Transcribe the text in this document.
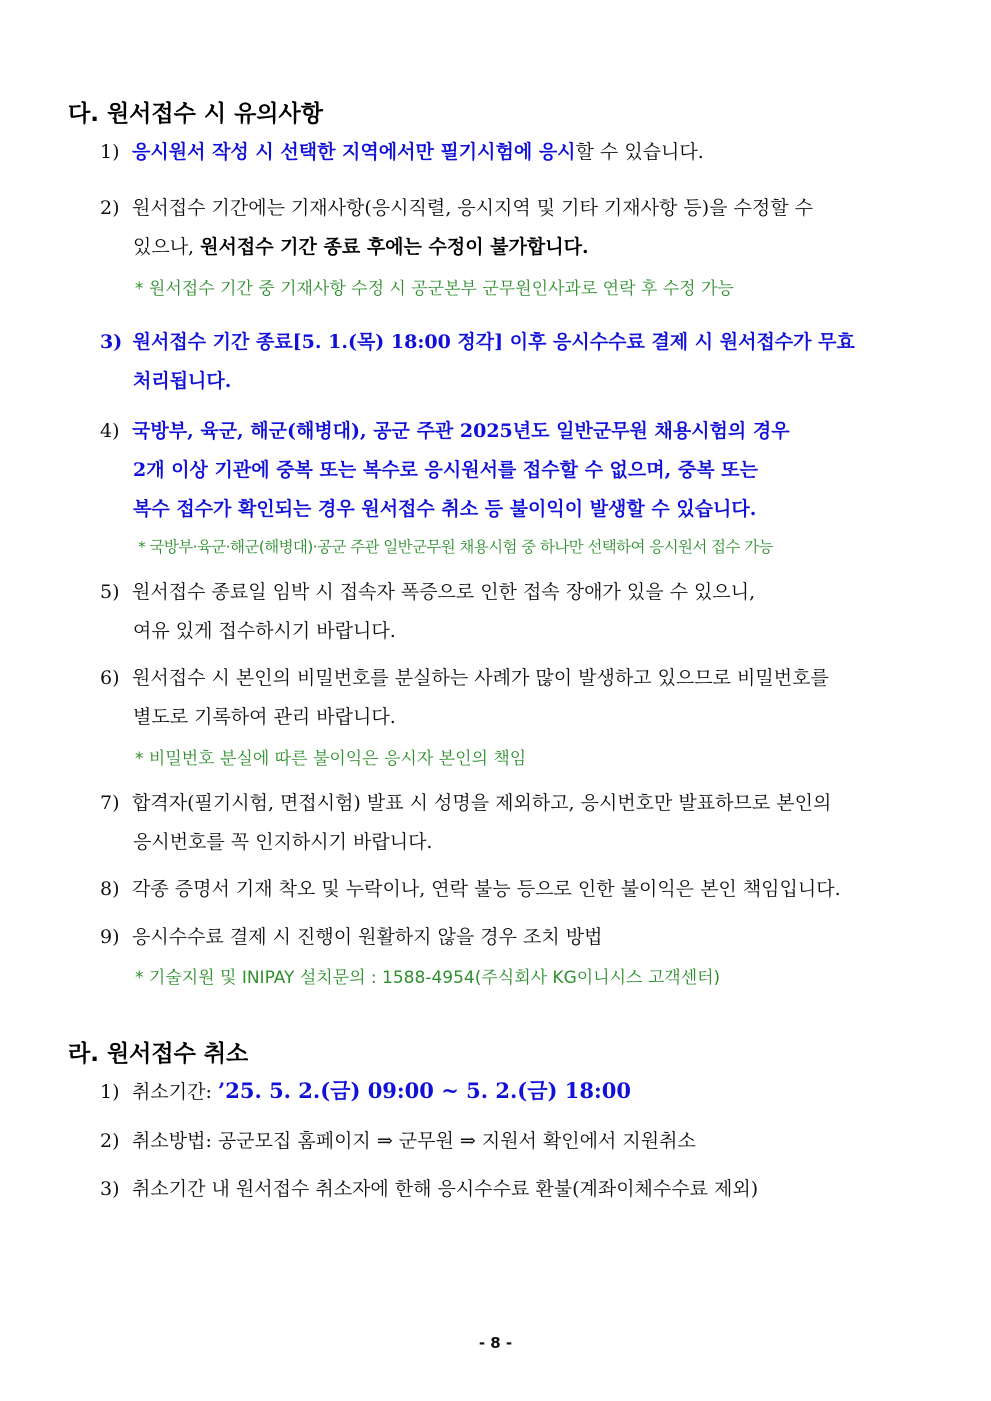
다. 원서접수 시 유의사항
1) 응시원서 작성 시 선택한 지역에서만 필기시험에 응시할 수 있습니다.
2) 원서접수 기간에는 기재사항(응시직렬, 응시지역 및 기타 기재사항 등)을 수정할 수
있으나, 원서접수 기간 종료 후에는 수정이 불가합니다.
* 원서접수 기간 중 기재사항 수정 시 공군본부 군무원인사과로 연락 후 수정 가능
3) 원서접수 기간 종료[5. 1.(목) 18:00 정각] 이후 응시수수료 결제 시 원서접수가 무효
처리됩니다.
4) 국방부, 육군, 해군(해병대), 공군 주관 2025년도 일반군무원 채용시험의 경우
2개 이상 기관에 중복 또는 복수로 응시원서를 접수할 수 없으며, 중복 또는
복수 접수가 확인되는 경우 원서접수 취소 등 불이익이 발생할 수 있습니다.
* 국방부·육군·해군(해병대)·공군 주관 일반군무원 채용시험 중 하나만 선택하여 응시원서 접수 가능
5) 원서접수 종료일 임박 시 접속자 폭증으로 인한 접속 장애가 있을 수 있으니,
여유 있게 접수하시기 바랍니다.
6) 원서접수 시 본인의 비밀번호를 분실하는 사례가 많이 발생하고 있으므로 비밀번호를
별도로 기록하여 관리 바랍니다.
* 비밀번호 분실에 따른 불이익은 응시자 본인의 책임
7) 합격자(필기시험, 면접시험) 발표 시 성명을 제외하고, 응시번호만 발표하므로 본인의
응시번호를 꼭 인지하시기 바랍니다.
8) 각종 증명서 기재 착오 및 누락이나, 연락 불능 등으로 인한 불이익은 본인 책임입니다.
9) 응시수수료 결제 시 진행이 원활하지 않을 경우 조치 방법
* 기술지원 및 INIPAY 설치문의 : 1588-4954(주식회사 KG이니시스 고객센터)
라. 원서접수 취소
1) 취소기간: ’25. 5. 2.(금) 09:00 ~ 5. 2.(금) 18:00
2) 취소방법: 공군모집 홈페이지 ⇒ 군무원 ⇒ 지원서 확인에서 지원취소
3) 취소기간 내 원서접수 취소자에 한해 응시수수료 환불(계좌이체수수료 제외)
- 8 -
